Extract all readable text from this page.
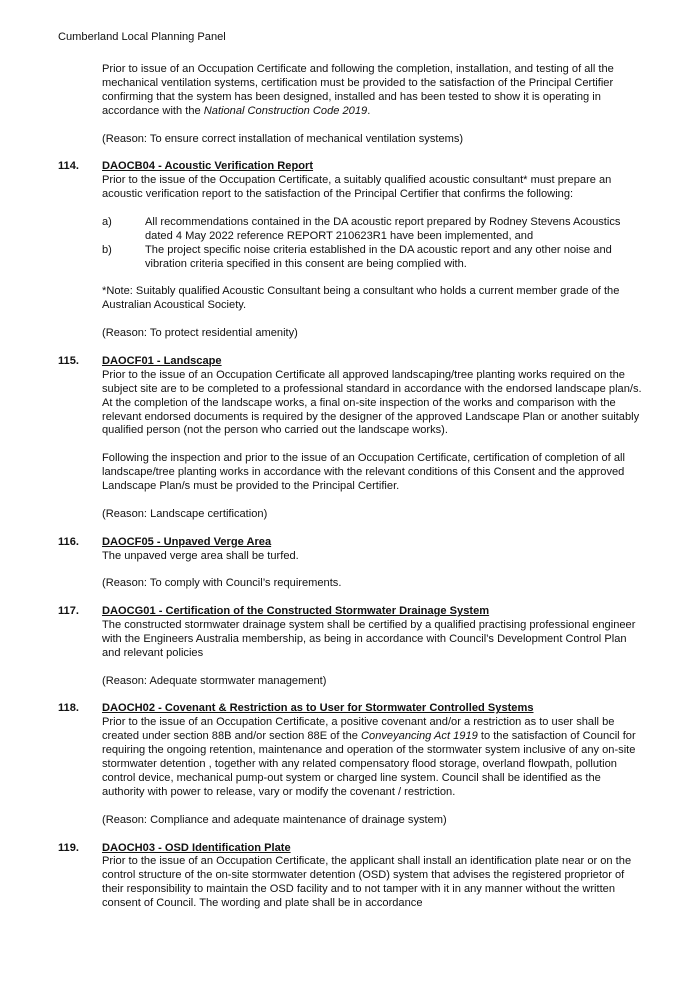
Cumberland Local Planning Panel
Prior to issue of an Occupation Certificate and following the completion, installation, and testing of all the mechanical ventilation systems, certification must be provided to the satisfaction of the Principal Certifier confirming that the system has been designed, installed and has been tested to show it is operating in accordance with the National Construction Code 2019.
(Reason: To ensure correct installation of mechanical ventilation systems)
114. DAOCB04 - Acoustic Verification Report
Prior to the issue of the Occupation Certificate, a suitably qualified acoustic consultant* must prepare an acoustic verification report to the satisfaction of the Principal Certifier that confirms the following:
a)	All recommendations contained in the DA acoustic report prepared by Rodney Stevens Acoustics dated 4 May 2022 reference REPORT 210623R1 have been implemented, and
b)	The project specific noise criteria established in the DA acoustic report and any other noise and vibration criteria specified in this consent are being complied with.
*Note: Suitably qualified Acoustic Consultant being a consultant who holds a current member grade of the Australian Acoustical Society.
(Reason: To protect residential amenity)
115. DAOCF01 - Landscape
Prior to the issue of an Occupation Certificate all approved landscaping/tree planting works required on the subject site are to be completed to a professional standard in accordance with the endorsed landscape plan/s. At the completion of the landscape works, a final on-site inspection of the works and comparison with the relevant endorsed documents is required by the designer of the approved Landscape Plan or another suitably qualified person (not the person who carried out the landscape works).
Following the inspection and prior to the issue of an Occupation Certificate, certification of completion of all landscape/tree planting works in accordance with the relevant conditions of this Consent and the approved Landscape Plan/s must be provided to the Principal Certifier.
(Reason: Landscape certification)
116. DAOCF05 - Unpaved Verge Area
The unpaved verge area shall be turfed.
(Reason: To comply with Council’s requirements.
117. DAOCG01 - Certification of the Constructed Stormwater Drainage System
The constructed stormwater drainage system shall be certified by a qualified practising professional engineer with the Engineers Australia membership, as being in accordance with Council’s Development Control Plan and relevant policies
(Reason: Adequate stormwater management)
118. DAOCH02 - Covenant & Restriction as to User for Stormwater Controlled Systems
Prior to the issue of an Occupation Certificate, a positive covenant and/or a restriction as to user shall be created under section 88B and/or section 88E of the Conveyancing Act 1919 to the satisfaction of Council for requiring the ongoing retention, maintenance and operation of the stormwater system inclusive of any on-site stormwater detention , together with any related compensatory flood storage, overland flowpath, pollution control device, mechanical pump-out system or charged line system. Council shall be identified as the authority with power to release, vary or modify the covenant / restriction.
(Reason: Compliance and adequate maintenance of drainage system)
119. DAOCH03 - OSD Identification Plate
Prior to the issue of an Occupation Certificate, the applicant shall install an identification plate near or on the control structure of the on-site stormwater detention (OSD) system that advises the registered proprietor of their responsibility to maintain the OSD facility and to not tamper with it in any manner without the written consent of Council. The wording and plate shall be in accordance
